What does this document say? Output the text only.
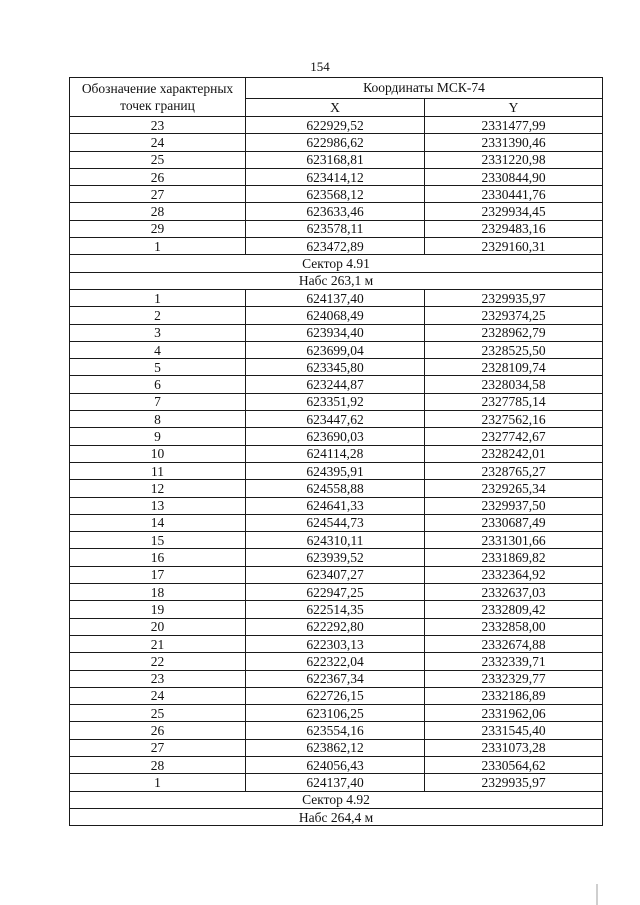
154
Обозначение характерных точек границ	Координаты МСК-74	
	X	Y
23	622929,52	2331477,99
24	622986,62	2331390,46
25	623168,81	2331220,98
26	623414,12	2330844,90
27	623568,12	2330441,76
28	623633,46	2329934,45
29	623578,11	2329483,16
1	623472,89	2329160,31
Сектор 4.91		
Набс 263,1 м		
1	624137,40	2329935,97
2	624068,49	2329374,25
3	623934,40	2328962,79
4	623699,04	2328525,50
5	623345,80	2328109,74
6	623244,87	2328034,58
7	623351,92	2327785,14
8	623447,62	2327562,16
9	623690,03	2327742,67
10	624114,28	2328242,01
11	624395,91	2328765,27
12	624558,88	2329265,34
13	624641,33	2329937,50
14	624544,73	2330687,49
15	624310,11	2331301,66
16	623939,52	2331869,82
17	623407,27	2332364,92
18	622947,25	2332637,03
19	622514,35	2332809,42
20	622292,80	2332858,00
21	622303,13	2332674,88
22	622322,04	2332339,71
23	622367,34	2332329,77
24	622726,15	2332186,89
25	623106,25	2331962,06
26	623554,16	2331545,40
27	623862,12	2331073,28
28	624056,43	2330564,62
1	624137,40	2329935,97
Сектор 4.92		
Набс 264,4 м		
